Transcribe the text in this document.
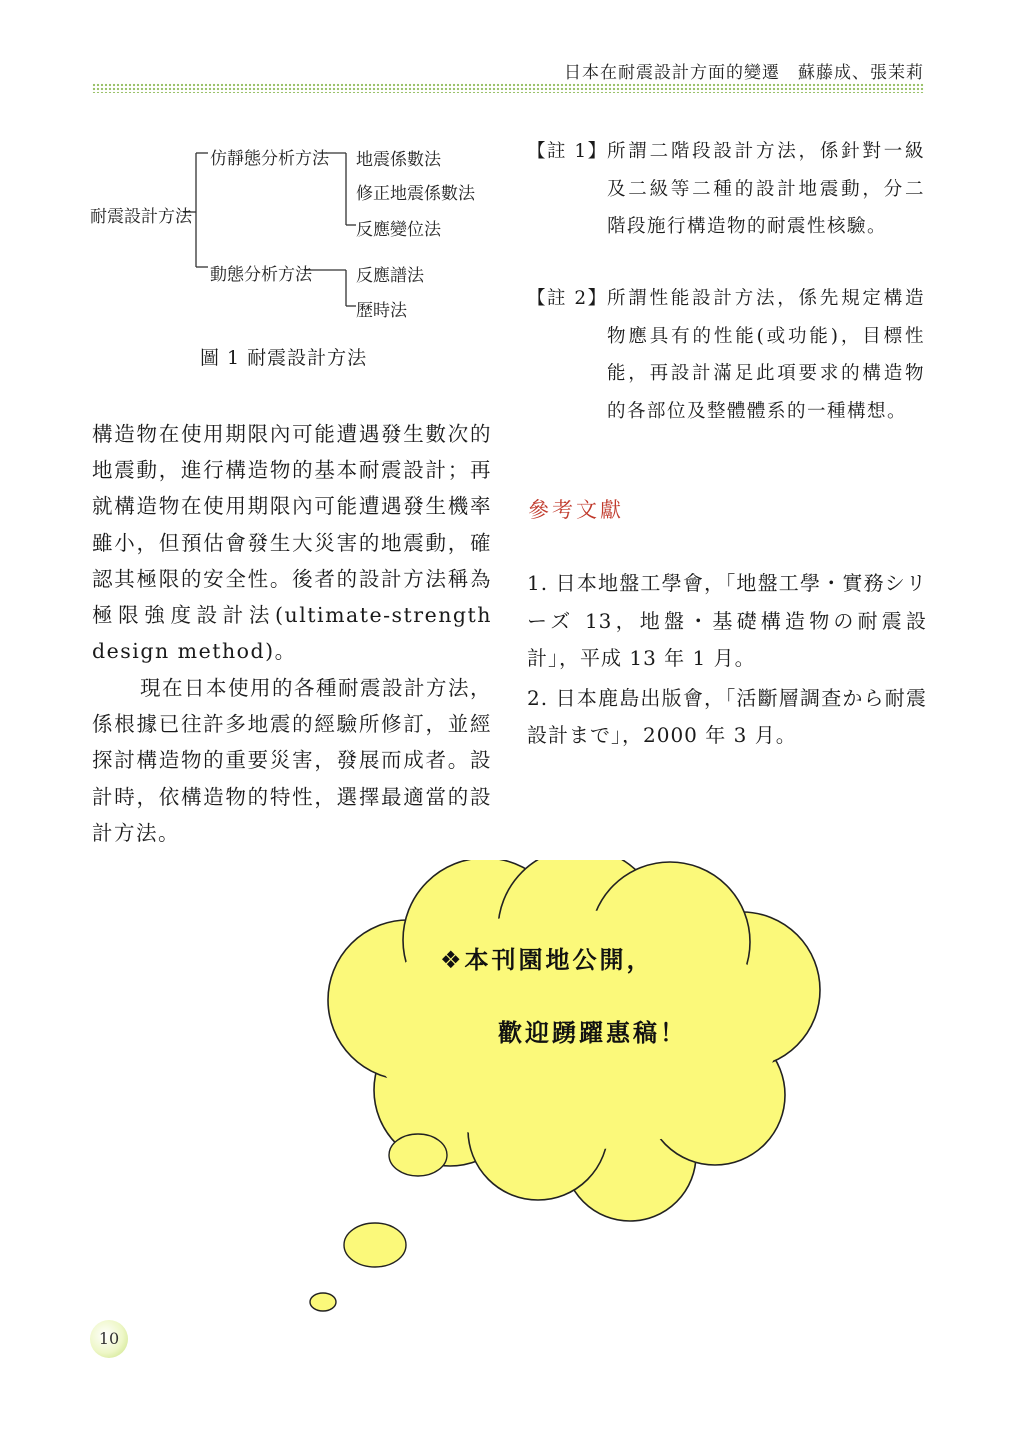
日本在耐震設計方面的變遷　蘇藤成、張茉莉
耐震設計方法
仿靜態分析方法
動態分析方法
地震係數法
修正地震係數法
反應變位法
反應譜法
歷時法
圖 1 耐震設計方法

構造物在使用期限內可能遭遇發生數次的地震動，進行構造物的基本耐震設計；再就構造物在使用期限內可能遭遇發生機率雖小，但預估會發生大災害的地震動，確認其極限的安全性。後者的設計方法稱為極限強度設計法(ultimate-strength design method)。

現在日本使用的各種耐震設計方法，係根據已往許多地震的經驗所修訂，並經探討構造物的重要災害，發展而成者。設計時，依構造物的特性，選擇最適當的設計方法。

【註 1】 所謂二階段設計方法，係針對一級及二級等二種的設計地震動，分二階段施行構造物的耐震性核驗。
【註 2】 所謂性能設計方法，係先規定構造物應具有的性能(或功能)，目標性能，再設計滿足此項要求的構造物的各部位及整體體系的一種構想。
參考文獻

1. 日本地盤工學會，「地盤工學・實務シリーズ 13，地盤・基礎構造物の耐震設計」，平成 13 年 1 月。

2. 日本鹿島出版會，「活斷層調查から耐震設計まで」，2000 年 3 月。

❖本刊園地公開，
歡迎踴躍惠稿！
10
